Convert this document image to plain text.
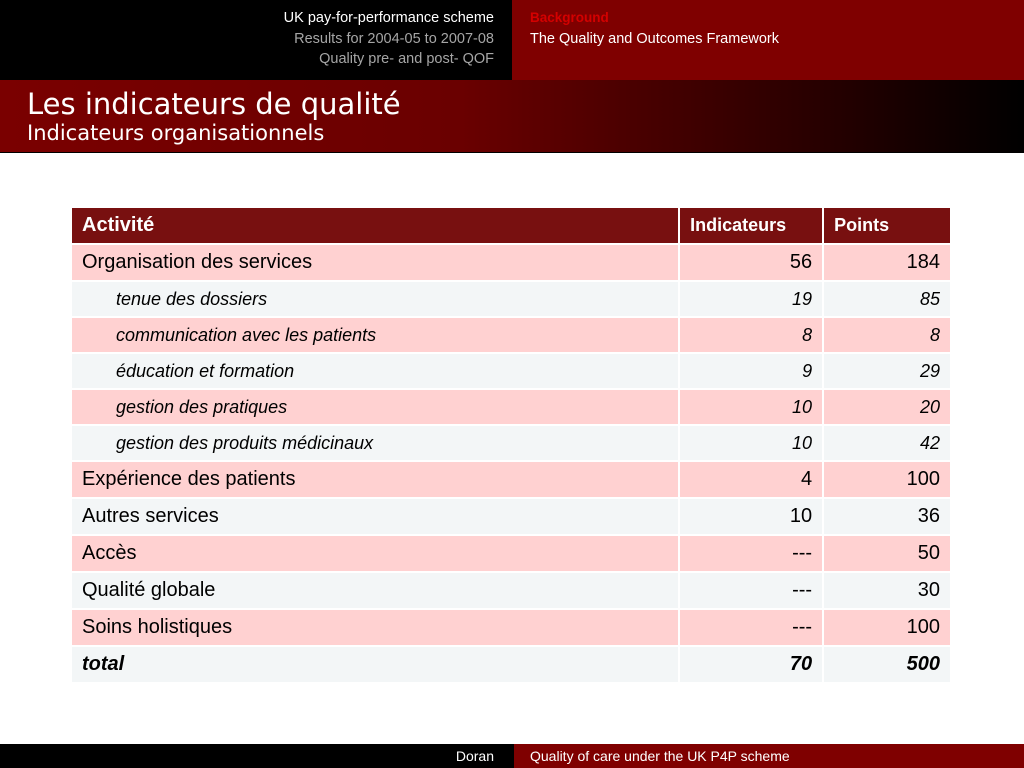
UK pay-for-performance scheme
Results for 2004-05 to 2007-08
Quality pre- and post- QOF
Background
The Quality and Outcomes Framework
Les indicateurs de qualité
Indicateurs organisationnels
Activité	Indicateurs	Points
Organisation des services	56	184
tenue des dossiers	19	85
communication avec les patients	8	8
éducation et formation	9	29
gestion des pratiques	10	20
gestion des produits médicinaux	10	42
Expérience des patients	4	100
Autres services	10	36
Accès	---	50
Qualité globale	---	30
Soins holistiques	---	100
total	70	500
Doran	Quality of care under the UK P4P scheme
